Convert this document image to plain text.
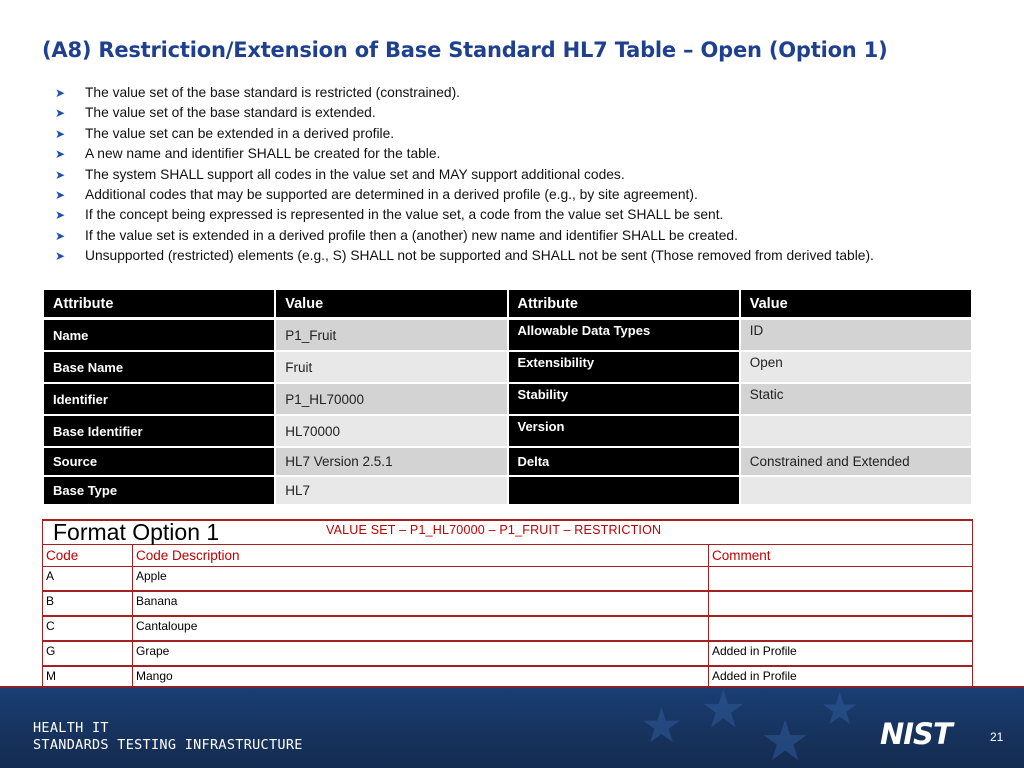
(A8) Restriction/Extension of Base Standard HL7 Table – Open (Option 1)
➤ The value set of the base standard is restricted (constrained).
➤ The value set of the base standard is extended.
➤ The value set can be extended in a derived profile.
➤ A new name and identifier SHALL be created for the table.
➤ The system SHALL support all codes in the value set and MAY support additional codes.
➤ Additional codes that may be supported are determined in a derived profile (e.g., by site agreement).
➤ If the concept being expressed is represented in the value set, a code from the value set SHALL be sent.
➤ If the value set is extended in a derived profile then a (another) new name and identifier SHALL be created.
➤ Unsupported (restricted) elements (e.g., S) SHALL not be supported and SHALL not be sent (Those removed from derived table).
Attribute	Value	Attribute	Value
Name	P1_Fruit	Allowable Data Types	ID
Base Name	Fruit	Extensibility	Open
Identifier	P1_HL70000	Stability	Static
Base Identifier	HL70000	Version	
Source	HL7 Version 2.5.1	Delta	Constrained and Extended
Base Type	HL7		
Format Option 1	VALUE SET – P1_HL70000 – P1_FRUIT – RESTRICTION

Code	Code Description	Comment
A	Apple	
B	Banana	
C	Cantaloupe	
G	Grape	Added in Profile
M	Mango	Added in Profile
★ ★ ★ ★
HEALTH IT
STANDARDS TESTING INFRASTRUCTURE	NIST	21
